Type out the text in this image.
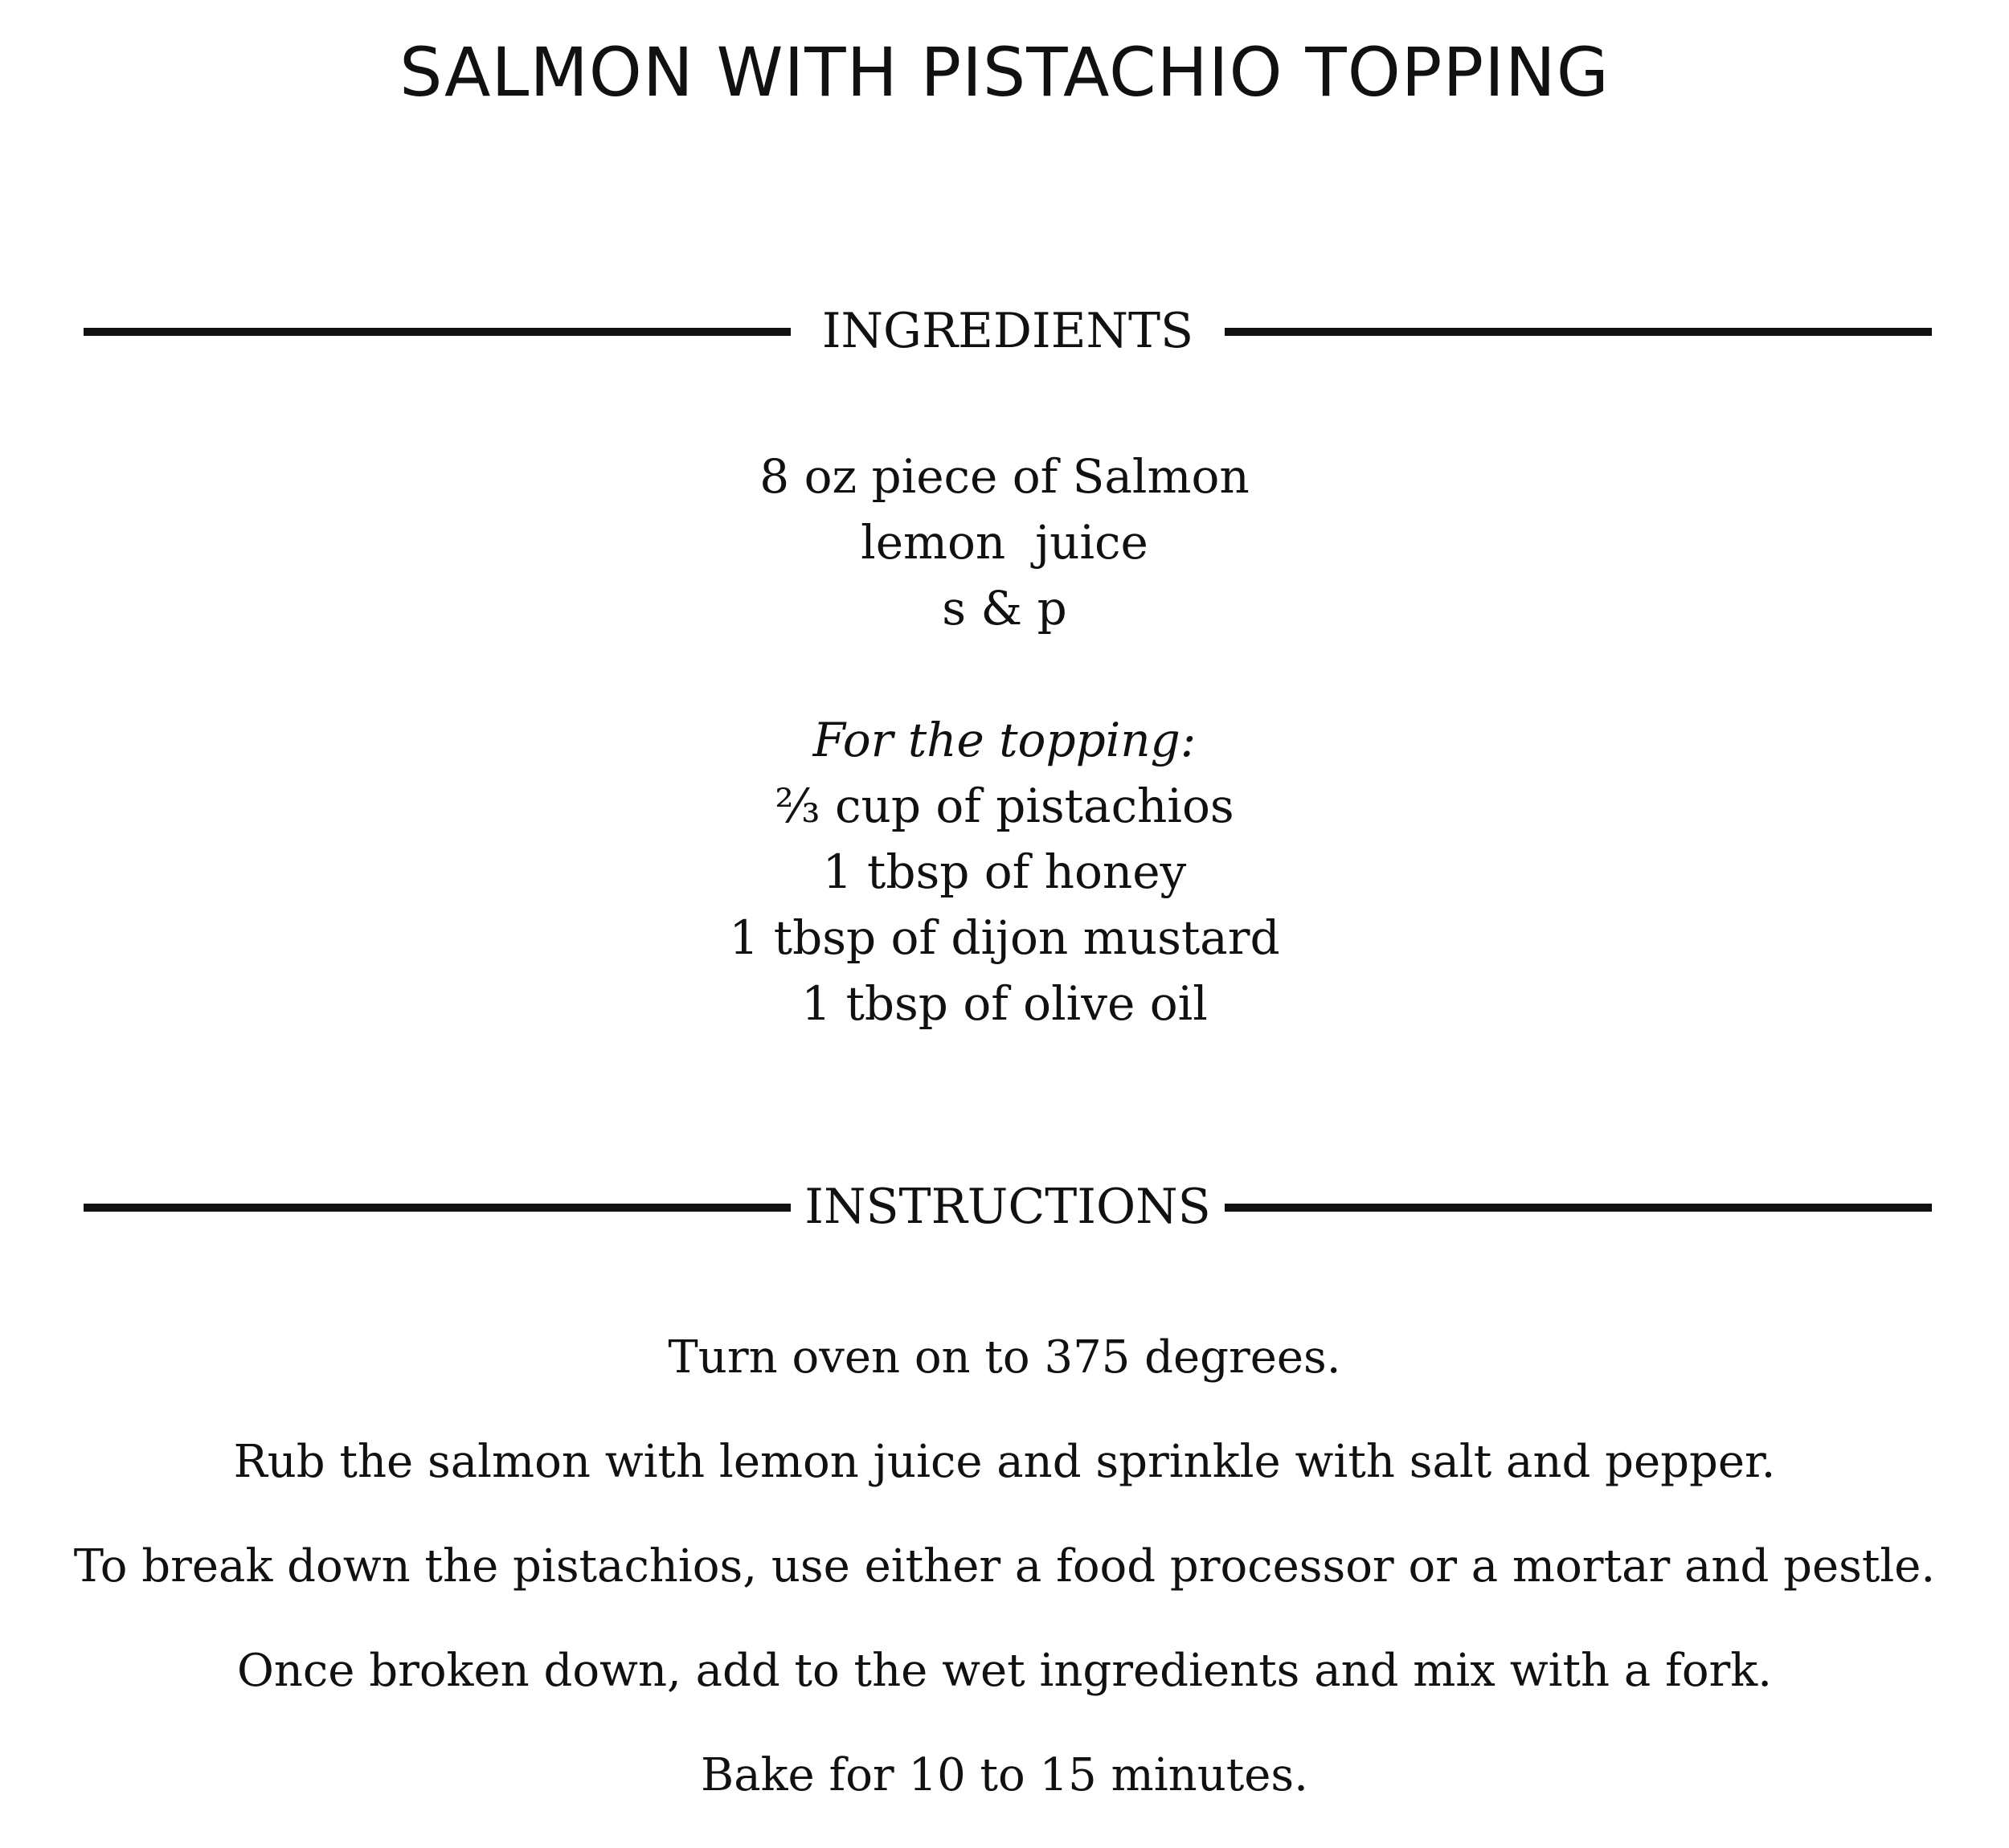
SALMON WITH PISTACHIO TOPPING
INGREDIENTS
8 oz piece of Salmon
lemon  juice
s & p
For the topping:
⅔ cup of pistachios
1 tbsp of honey
1 tbsp of dijon mustard
1 tbsp of olive oil
INSTRUCTIONS
Turn oven on to 375 degrees.
Rub the salmon with lemon juice and sprinkle with salt and pepper.
To break down the pistachios, use either a food processor or a mortar and pestle.
Once broken down, add to the wet ingredients and mix with a fork.
Bake for 10 to 15 minutes.
